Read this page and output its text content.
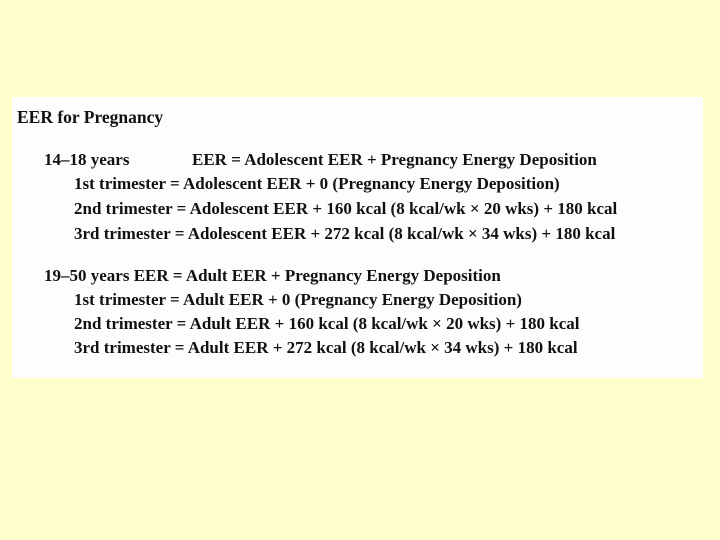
EER for Pregnancy
14–18 years	EER = Adolescent EER + Pregnancy Energy Deposition
1st trimester = Adolescent EER + 0 (Pregnancy Energy Deposition)
2nd trimester = Adolescent EER + 160 kcal (8 kcal/wk × 20 wks) + 180 kcal
3rd trimester = Adolescent EER + 272 kcal (8 kcal/wk × 34 wks) + 180 kcal
19–50 years EER = Adult EER + Pregnancy Energy Deposition
1st trimester = Adult EER + 0 (Pregnancy Energy Deposition)
2nd trimester = Adult EER + 160 kcal (8 kcal/wk × 20 wks) + 180 kcal
3rd trimester = Adult EER + 272 kcal (8 kcal/wk × 34 wks) + 180 kcal
